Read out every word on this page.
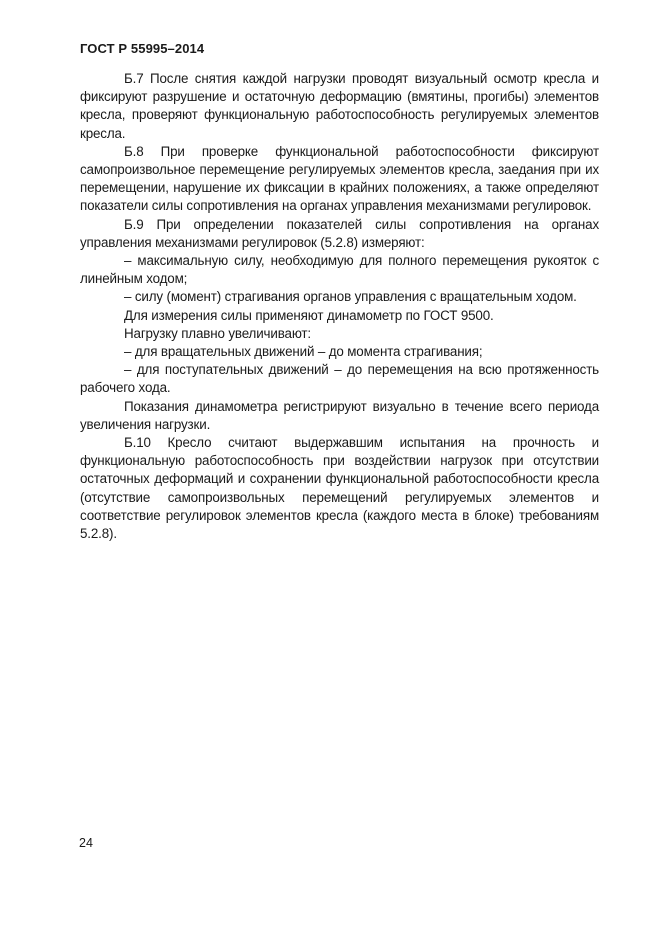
ГОСТ Р 55995–2014

Б.7 После снятия каждой нагрузки проводят визуальный осмотр кресла и фиксируют разрушение и остаточную деформацию (вмятины, прогибы) элементов кресла, проверяют функциональную работоспособность регулируемых элементов кресла.

Б.8 При проверке функциональной работоспособности фиксируют самопроизвольное перемещение регулируемых элементов кресла, заедания при их перемещении, нарушение их фиксации в крайних положениях, а также определяют показатели силы сопротивления на органах управления механизмами регулировок.

Б.9 При определении показателей силы сопротивления на органах управления механизмами регулировок (5.2.8) измеряют:

– максимальную силу, необходимую для полного перемещения рукояток с линейным ходом;

– силу (момент) страгивания органов управления с вращательным ходом.

Для измерения силы применяют динамометр по ГОСТ 9500.

Нагрузку плавно увеличивают:

– для вращательных движений – до момента страгивания;

– для поступательных движений – до перемещения на всю протяженность рабочего хода.

Показания динамометра регистрируют визуально в течение всего периода увеличения нагрузки.

Б.10 Кресло считают выдержавшим испытания на прочность и функциональную работоспособность при воздействии нагрузок при отсутствии остаточных деформаций и сохранении функциональной работоспособности кресла (отсутствие самопроизвольных перемещений регулируемых элементов и соответствие регулировок элементов кресла (каждого места в блоке) требованиям 5.2.8).

24
